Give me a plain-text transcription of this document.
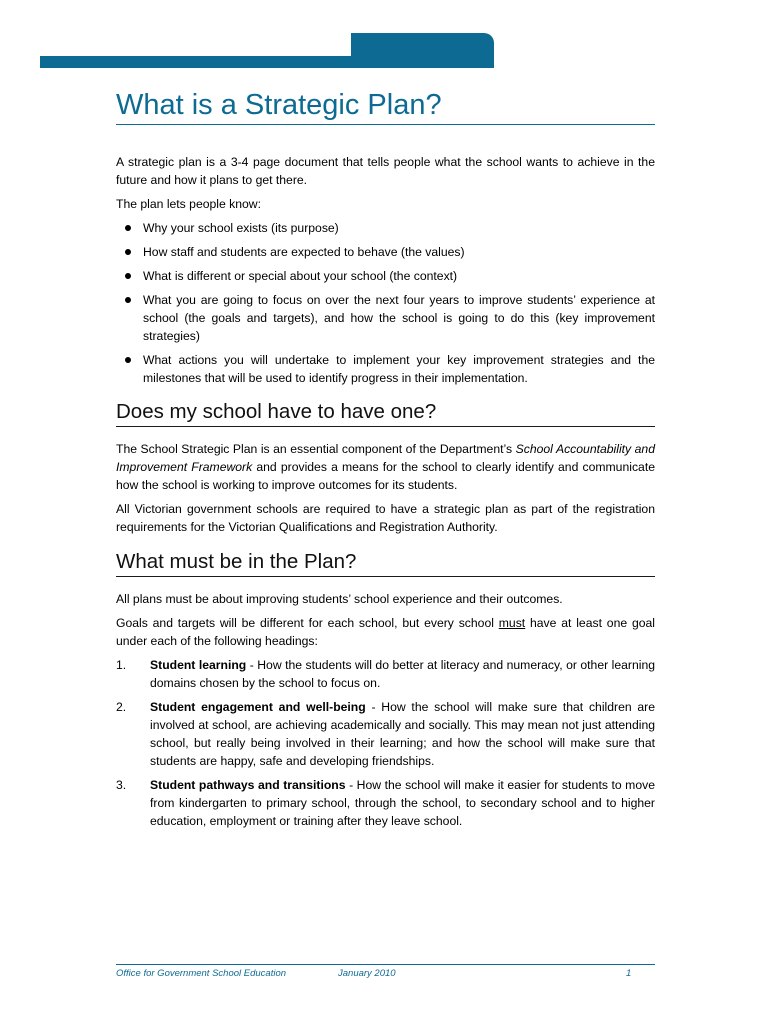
What is a Strategic Plan?

A strategic plan is a 3-4 page document that tells people what the school wants to achieve in the future and how it plans to get there.

The plan lets people know:

Why your school exists (its purpose)
How staff and students are expected to behave (the values)
What is different or special about your school (the context)
What you are going to focus on over the next four years to improve students’ experience at school (the goals and targets), and how the school is going to do this (key improvement strategies)
What actions you will undertake to implement your key improvement strategies and the milestones that will be used to identify progress in their implementation.
Does my school have to have one?

The School Strategic Plan is an essential component of the Department’s School Accountability and Improvement Framework and provides a means for the school to clearly identify and communicate how the school is working to improve outcomes for its students.

All Victorian government schools are required to have a strategic plan as part of the registration requirements for the Victorian Qualifications and Registration Authority.

What must be in the Plan?

All plans must be about improving students’ school experience and their outcomes.

Goals and targets will be different for each school, but every school must have at least one goal under each of the following headings:

1. Student learning - How the students will do better at literacy and numeracy, or other learning domains chosen by the school to focus on.
2. Student engagement and well-being - How the school will make sure that children are involved at school, are achieving academically and socially. This may mean not just attending school, but really being involved in their learning; and how the school will make sure that students are happy, safe and developing friendships.
3. Student pathways and transitions - How the school will make it easier for students to move from kindergarten to primary school, through the school, to secondary school and to higher education, employment or training after they leave school.
Office for Government School Education	January 2010	1
